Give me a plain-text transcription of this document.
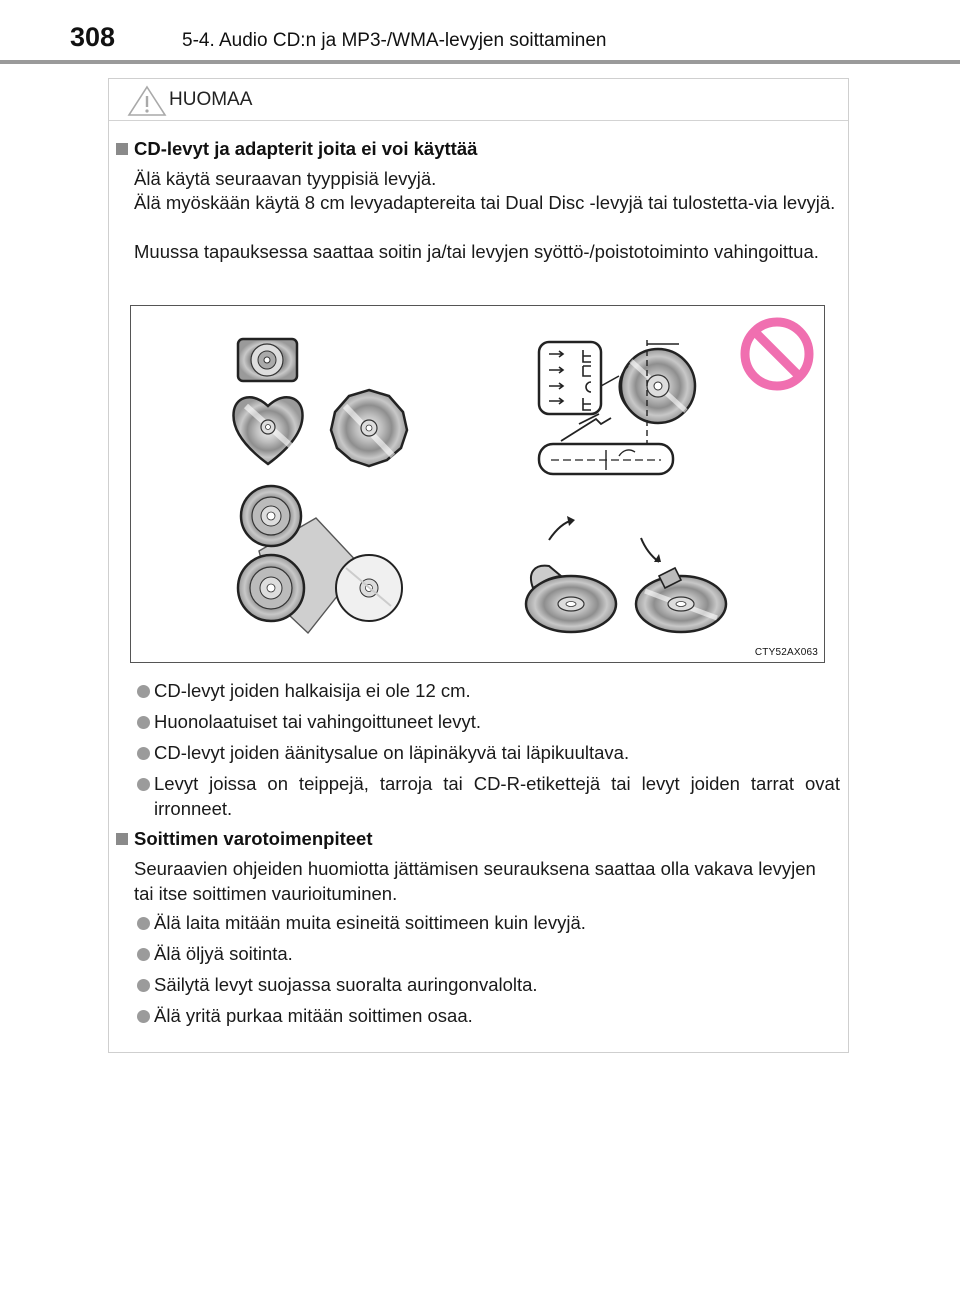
308	5-4. Audio CD:n ja MP3-/WMA-levyjen soittaminen
HUOMAA
CD-levyt ja adapterit joita ei voi käyttää
Älä käytä seuraavan tyyppisiä levyjä.
Älä myöskään käytä 8 cm levyadaptereita tai Dual Disc -levyjä tai tulostetta-via levyjä.
Muussa tapauksessa saattaa soitin ja/tai levyjen syöttö-/poistotoiminto vahingoittua.
CTY52AX063
CD-levyt joiden halkaisija ei ole 12 cm.
Huonolaatuiset tai vahingoittuneet levyt.
CD-levyt joiden äänitysalue on läpinäkyvä tai läpikuultava.
Levyt joissa on teippejä, tarroja tai CD-R-etikettejä tai levyt joiden tarrat ovat irronneet.
Soittimen varotoimenpiteet
Seuraavien ohjeiden huomiotta jättämisen seurauksena saattaa olla vakava levyjen tai itse soittimen vaurioituminen.
Älä laita mitään muita esineitä soittimeen kuin levyjä.
Älä öljyä soitinta.
Säilytä levyt suojassa suoralta auringonvalolta.
Älä yritä purkaa mitään soittimen osaa.
